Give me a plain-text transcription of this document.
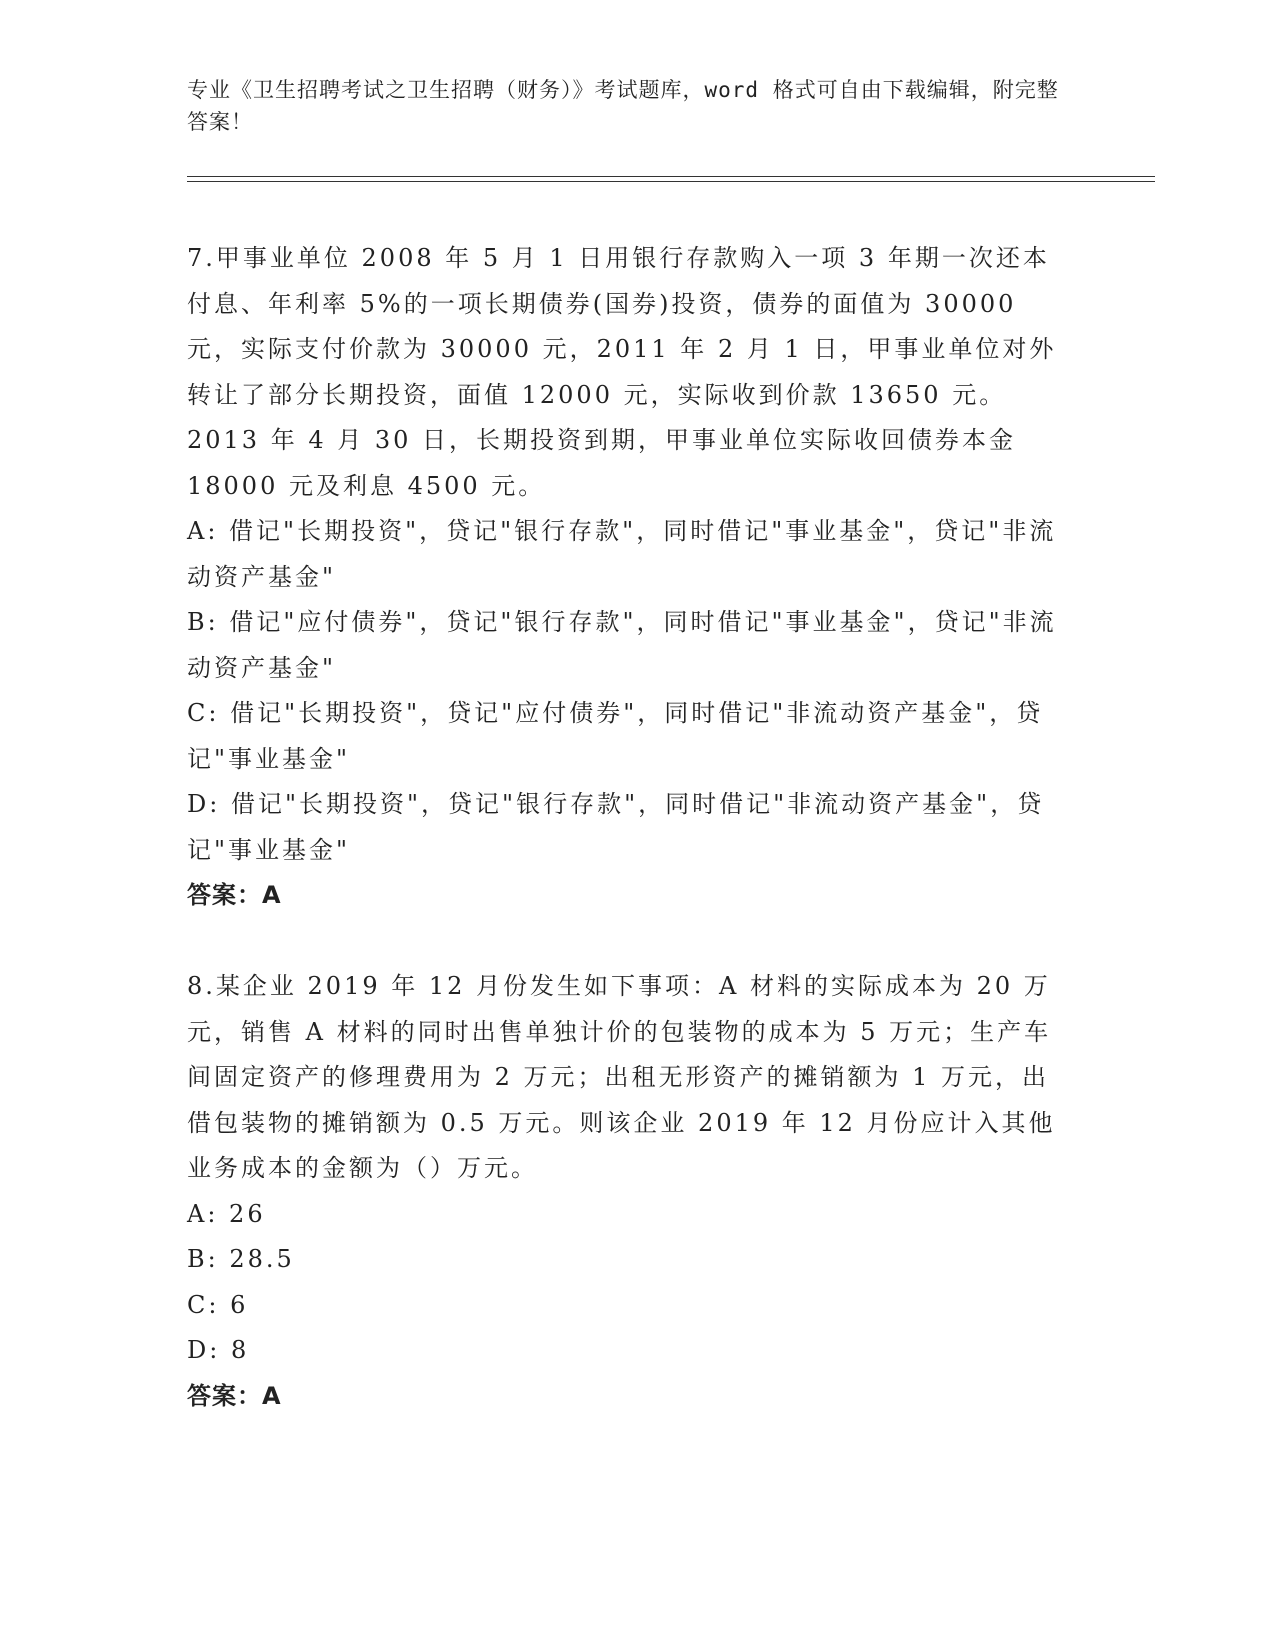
专业《卫生招聘考试之卫生招聘（财务）》考试题库，word 格式可自由下载编辑，附完整答案！

7.甲事业单位 2008 年 5 月 1 日用银行存款购入一项 3 年期一次还本付息、年利率 5%的一项长期债券(国券)投资，债券的面值为 30000 元，实际支付价款为 30000 元，2011 年 2 月 1 日，甲事业单位对外转让了部分长期投资，面值 12000 元，实际收到价款 13650 元。2013 年 4 月 30 日，长期投资到期，甲事业单位实际收回债券本金 18000 元及利息 4500 元。

A: 借记"长期投资"，贷记"银行存款"，同时借记"事业基金"，贷记"非流动资产基金"

B: 借记"应付债券"，贷记"银行存款"，同时借记"事业基金"，贷记"非流动资产基金"

C: 借记"长期投资"，贷记"应付债券"，同时借记"非流动资产基金"，贷记"事业基金"

D: 借记"长期投资"，贷记"银行存款"，同时借记"非流动资产基金"，贷记"事业基金"

答案：A

8.某企业 2019 年 12 月份发生如下事项：A 材料的实际成本为 20 万元，销售 A 材料的同时出售单独计价的包装物的成本为 5 万元；生产车间固定资产的修理费用为 2 万元；出租无形资产的摊销额为 1 万元，出借包装物的摊销额为 0.5 万元。则该企业 2019 年 12 月份应计入其他业务成本的金额为（）万元。

A: 26

B: 28.5

C: 6

D: 8

答案：A
